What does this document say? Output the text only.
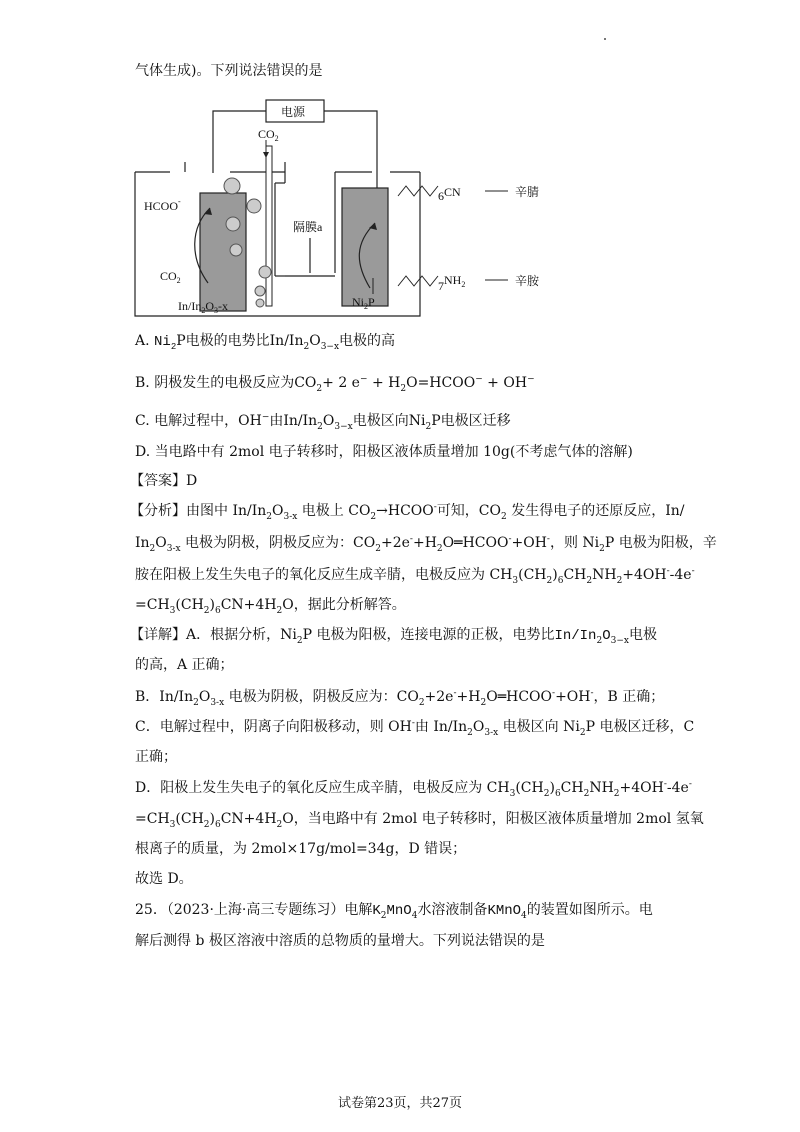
气体生成)。下列说法错误的是
电源
隔膜a
$CO_2$
HCOO-
$CO_2$
$In/In_2O_3-x$	$Ni_2P$
6 CN	辛腈
7 $NH_2$	辛胺
A. $Ni_2P$电极的电势比$In/In_2O_{3-x}$电极的高
B. 阴极发生的电极反应为$CO_2+ 2$ $e^- + H_2O=HCOO^- + OH^-$
C. 电解过程中，OH−由$In/In_2O_{3-x}$电极区向$Ni_2P$电极区迁移
D. 当电路中有 2mol 电子转移时，阳极区液体质量增加 10g(不考虑气体的溶解)
【答案】D
【分析】由图中 $In/In_2O_{3-x}$ 电极上 $CO_2\to HCOO^-$可知，$CO_2$ 发生得电子的还原反应，In/
$In_2O_{3-x}$ 电极为阴极，阴极反应为：$CO_2+2e^-+H_2O═HCOO^-+OH^-$，则 $Ni_2P$ 电极为阳极，辛
胺在阳极上发生失电子的氧化反应生成辛腈，电极反应为 $CH_3(CH_2)_6CH_2NH_2+4OH^--4e^-$
$=CH_3(CH_2)_6CN+4H_2O$，据此分析解答。
【详解】A．根据分析，$Ni_2P$ 电极为阳极，连接电源的正极，电势比$In/In_2O_{3-x}$电极
的高，A 正确；
B．$In/In_2O_{3-x}$ 电极为阴极，阴极反应为：$CO_2+2e^-+H_2O═HCOO^-+OH^-$，B 正确；
C．电解过程中，阴离子向阳极移动，则 OH-由 $In/In_2O_{3-x}$ 电极区向 $Ni_2P$ 电极区迁移，C
正确；
D．阳极上发生失电子的氧化反应生成辛腈，电极反应为 $CH_3(CH_2)_6CH_2NH_2+4OH^--4e^-$
$=CH_3(CH_2)_6CN+4H_2O$，当电路中有 2mol 电子转移时，阳极区液体质量增加 2mol 氢氧
根离子的质量，为 2mol×17g/mol=34g，D 错误；
故选 D。
25．（2023·上海·高三专题练习）电解$K_2MnO_4$水溶液制备KMnO$_4$的装置如图所示。电
解后测得 b 极区溶液中溶质的总物质的量增大。下列说法错误的是
试卷第23页，共27页
